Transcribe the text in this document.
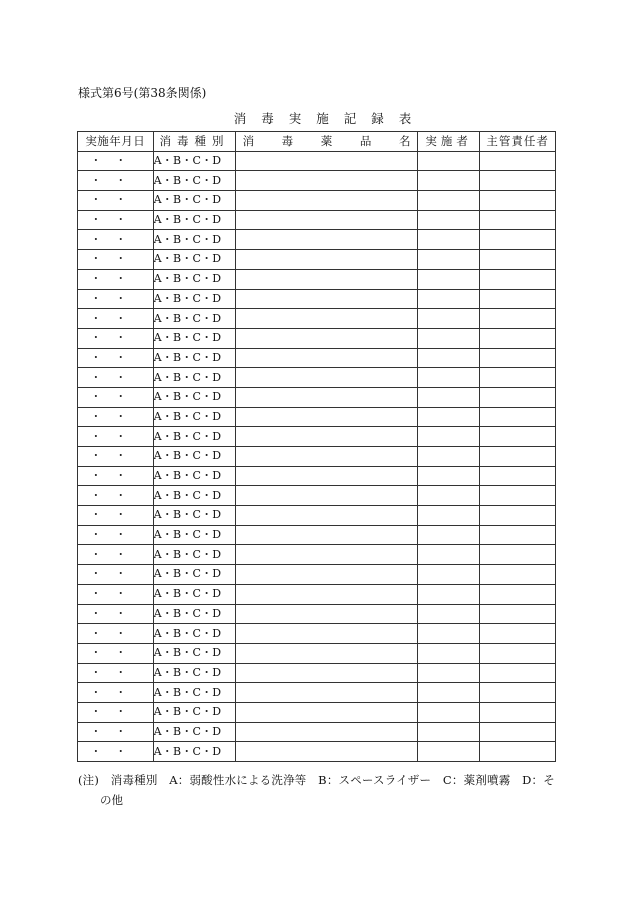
様式第6号(第38条関係)
消毒実施記録表
実施年月日	消毒種別	消毒薬品名	実施者	主管責任者
・・	A・B・C・D			
・・	A・B・C・D			
・・	A・B・C・D			
・・	A・B・C・D			
・・	A・B・C・D			
・・	A・B・C・D			
・・	A・B・C・D			
・・	A・B・C・D			
・・	A・B・C・D			
・・	A・B・C・D			
・・	A・B・C・D			
・・	A・B・C・D			
・・	A・B・C・D			
・・	A・B・C・D			
・・	A・B・C・D			
・・	A・B・C・D			
・・	A・B・C・D			
・・	A・B・C・D			
・・	A・B・C・D			
・・	A・B・C・D			
・・	A・B・C・D			
・・	A・B・C・D			
・・	A・B・C・D			
・・	A・B・C・D			
・・	A・B・C・D			
・・	A・B・C・D			
・・	A・B・C・D			
・・	A・B・C・D			
・・	A・B・C・D			
・・	A・B・C・D			
・・	A・B・C・D			
(注)　消毒種別　A：弱酸性水による洗浄等　B：スペースライザー　C：薬剤噴霧　D：そ
の他
